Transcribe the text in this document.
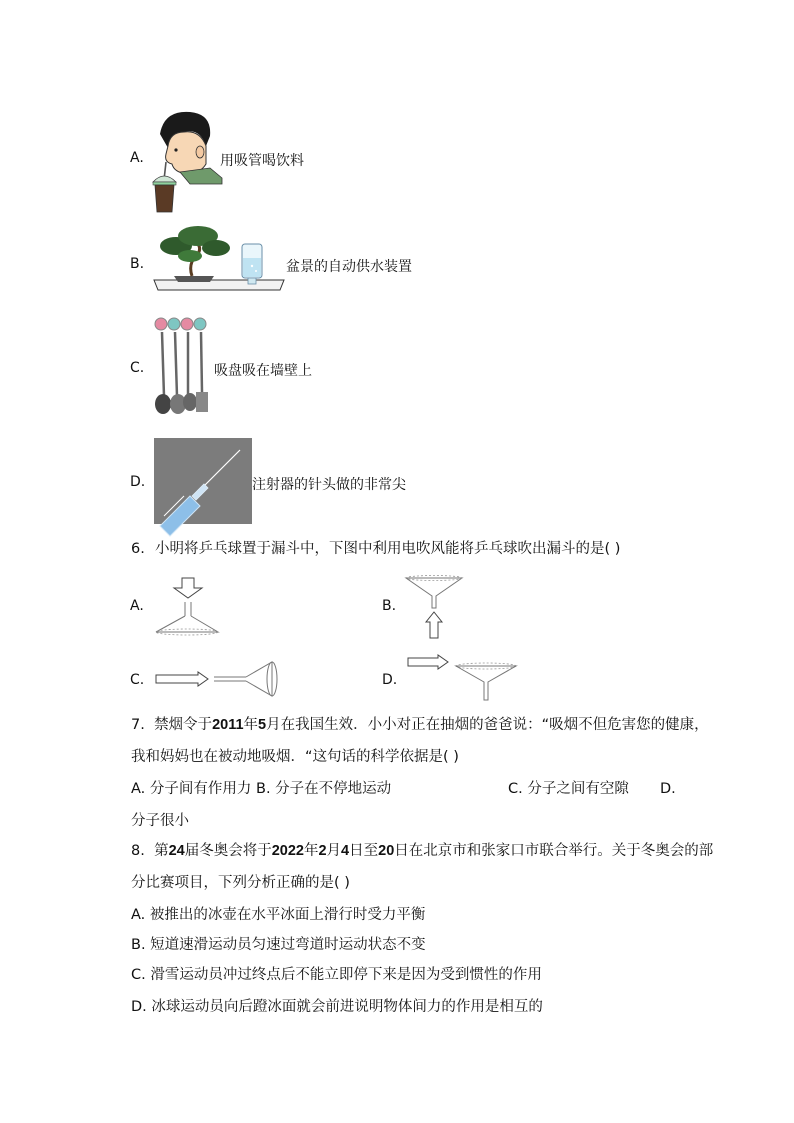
A.	用吸管喝饮料
B.	盆景的自动供水装置
C.	吸盘吸在墙壁上
D.	注射器的针头做的非常尖
6. 小明将乒乓球置于漏斗中，下图中利用电吹风能将乒乓球吹出漏斗的是( )
A.	B.
C.	D.
7. 禁烟令于2011年5月在我国生效．小小对正在抽烟的爸爸说：“吸烟不但危害您的健康，
我和妈妈也在被动地吸烟．“这句话的科学依据是( )
A. 分子间有作用力 B. 分子在不停地运动	C. 分子之间有空隙 D.
分子很小
8. 第24届冬奥会将于2022年2月4日至20日在北京市和张家口市联合举行。关于冬奥会的部
分比赛项目，下列分析正确的是( )
A. 被推出的冰壶在水平冰面上滑行时受力平衡
B. 短道速滑运动员匀速过弯道时运动状态不变
C. 滑雪运动员冲过终点后不能立即停下来是因为受到惯性的作用
D. 冰球运动员向后蹬冰面就会前进说明物体间力的作用是相互的
